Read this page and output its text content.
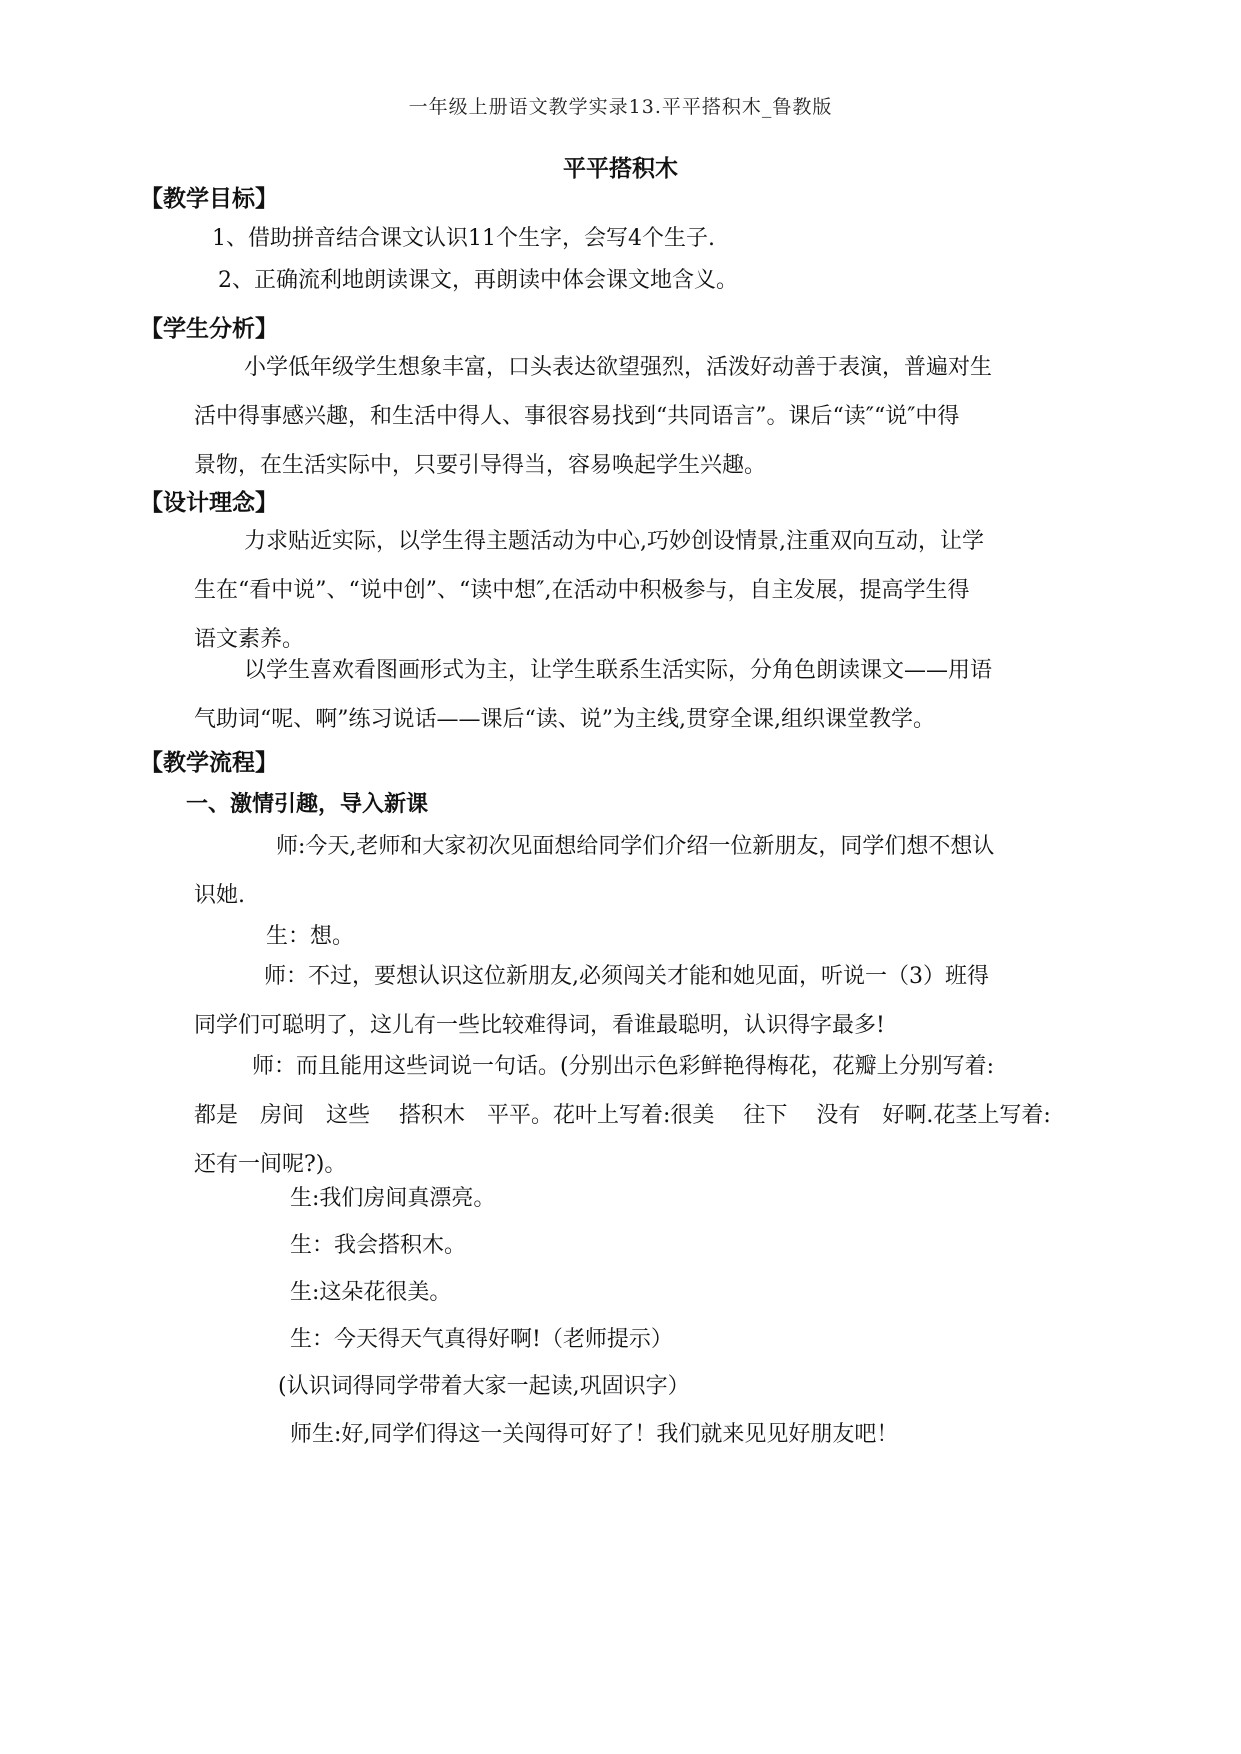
一年级上册语文教学实录13.平平搭积木_鲁教版
平平搭积木
【教学目标】
1、借助拼音结合课文认识11个生字，会写4个生子.
2、正确流利地朗读课文，再朗读中体会课文地含义。
【学生分析】
小学低年级学生想象丰富，口头表达欲望强烈，活泼好动善于表演，普遍对生
活中得事感兴趣，和生活中得人、事很容易找到“共同语言”。课后“读″“说″中得
景物，在生活实际中，只要引导得当，容易唤起学生兴趣。
【设计理念】
力求贴近实际，以学生得主题活动为中心,巧妙创设情景,注重双向互动，让学
生在“看中说”、“说中创”、“读中想″,在活动中积极参与，自主发展，提高学生得
语文素养。
以学生喜欢看图画形式为主，让学生联系生活实际，分角色朗读课文——用语
气助词“呢、啊”练习说话——课后“读、说”为主线,贯穿全课,组织课堂教学。
【教学流程】
一、激情引趣，导入新课
师:今天,老师和大家初次见面想给同学们介绍一位新朋友，同学们想不想认
识她.
生：想。
师：不过，要想认识这位新朋友,必须闯关才能和她见面，听说一（3）班得
同学们可聪明了，这儿有一些比较难得词，看谁最聪明，认识得字最多!
师：而且能用这些词说一句话。(分别出示色彩鲜艳得梅花，花瓣上分别写着:
都是　房间　这些　 搭积木　平平。花叶上写着:很美　 往下　 没有　好啊.花茎上写着:
还有一间呢?)。
生:我们房间真漂亮。
生：我会搭积木。
生:这朵花很美。
生：今天得天气真得好啊!（老师提示）
(认识词得同学带着大家一起读,巩固识字）
师生:好,同学们得这一关闯得可好了！我们就来见见好朋友吧！
